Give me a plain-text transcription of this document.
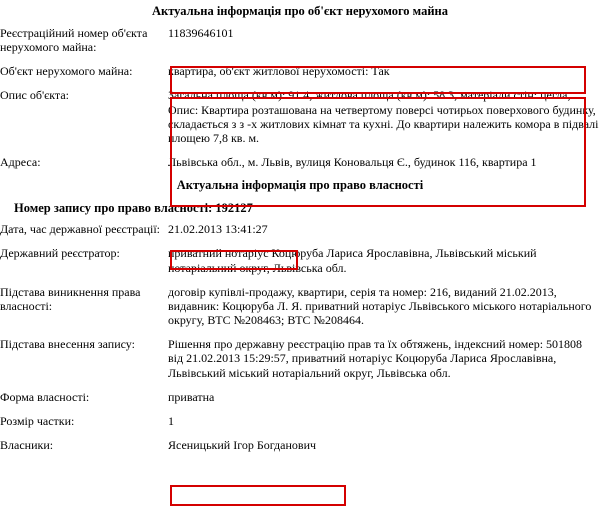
Актуальна інформація про об'єкт нерухомого майна
Реєстраційний номер об'єкта нерухомого майна:	11839646101

Об'єкт нерухомого майна:	квартира, об'єкт житлової нерухомості: Так

Опис об'єкта:	Загальна площа (кв.м): 91.4, житлова площа (кв.м): 58.3, матеріали стін: цегла, Опис: Квартира розташована на четвертому поверсі чотирьох поверхового будинку, складається з з -х житлових кімнат та кухні. До квартири належить комора в підвалі площею 7,8 кв. м.

Адреса:	Львівська обл., м. Львів, вулиця Коновальця Є., будинок 116, квартира 1
Актуальна інформація про право власності
Номер запису про право власності: 192127
Дата, час державної реєстрації:	21.02.2013 13:41:27

Державний реєстратор:	приватний нотаріус Коцюруба Лариса Ярославівна, Львівський міський нотаріальний округ, Львівська обл.

Підстава виникнення права власності:	договір купівлі-продажу, квартири, серія та номер: 216, виданий 21.02.2013, видавник: Коцюруба Л. Я. приватний нотаріус Львівського міського нотаріального округу, ВТС №208463; ВТС №208464.

Підстава внесення запису:	Рішення про державну реєстрацію прав та їх обтяжень, індексний номер: 501808 від 21.02.2013 15:29:57, приватний нотаріус Коцюруба Лариса Ярославівна, Львівський міський нотаріальний округ, Львівська обл.

Форма власності:	приватна

Розмір частки:	1

Власники:	Ясеницький Ігор Богданович
